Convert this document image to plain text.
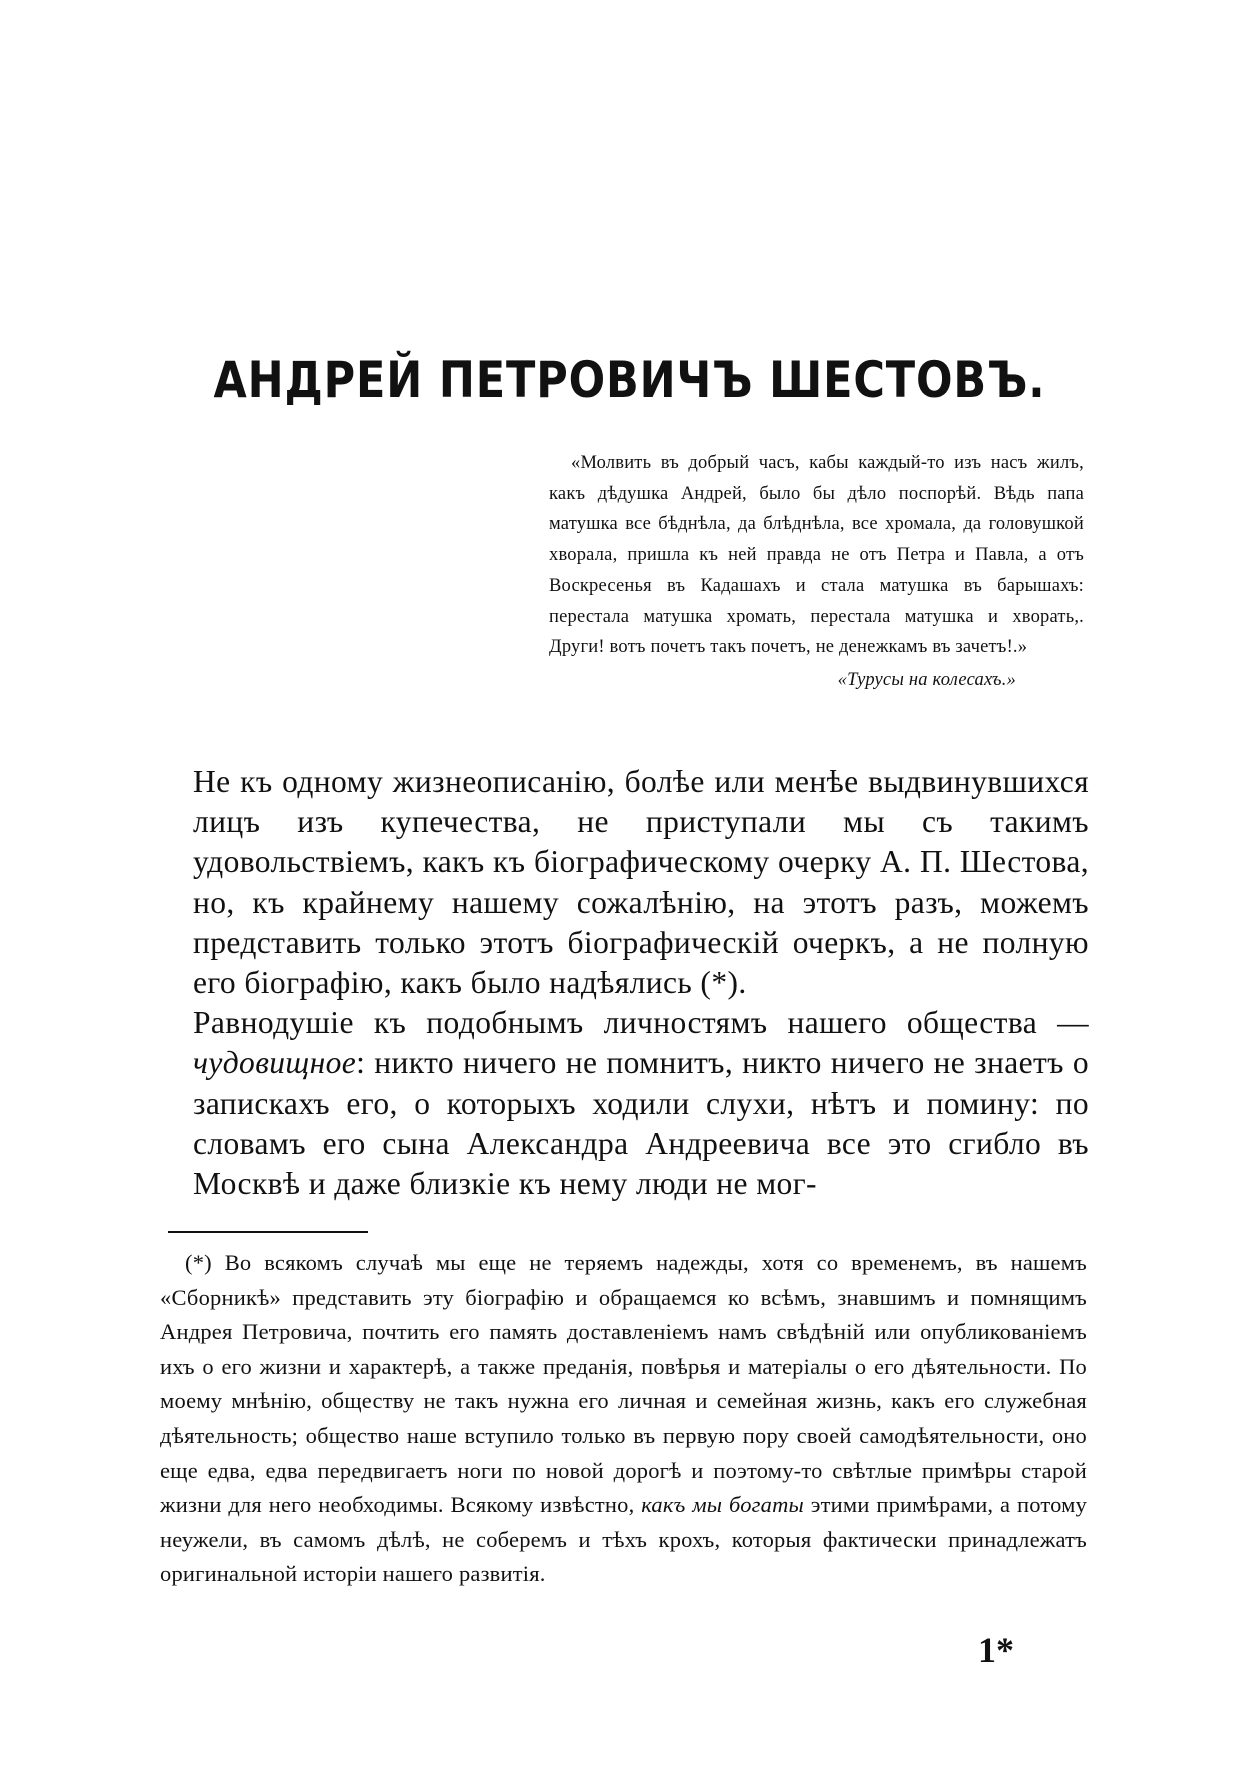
АНДРЕЙ ПЕТРОВИЧЪ ШЕСТОВЪ.

«Молвить въ добрый часъ, кабы каждый-то изъ насъ жилъ, какъ дѣдушка Андрей, было бы дѣло поспорѣй. Вѣдь папа матушка все бѣднѣла, да блѣднѣла, все хромала, да головушкой хворала, пришла къ ней правда не отъ Петра и Павла, а отъ Воскресенья въ Кадашахъ и стала матушка въ барышахъ: перестала матушка хромать, перестала матушка и хворать,. Други! вотъ почетъ такъ почетъ, не денежкамъ въ зачетъ!.»

«Турусы на колесахъ.»

Не къ одному жизнеописанію, болѣе или менѣе выдвинувшихся лицъ изъ купечества, не приступали мы съ такимъ удовольствіемъ, какъ къ біографическому очерку А. П. Шестова, но, къ крайнему нашему сожалѣнію, на этотъ разъ, можемъ представить только этотъ біографическій очеркъ, а не полную его біографію, какъ было надѣялись (*).

Равнодушіе къ подобнымъ личностямъ нашего общества — чудовищное: никто ничего не помнитъ, никто ничего не знаетъ о запискахъ его, о которыхъ ходили слухи, нѣтъ и помину: по словамъ его сына Александра Андреевича все это сгибло въ Москвѣ и даже близкіе къ нему люди не мог-

(*) Во всякомъ случаѣ мы еще не теряемъ надежды, хотя со временемъ, въ нашемъ «Сборникѣ» представить эту біографію и обращаемся ко всѣмъ, знавшимъ и помнящимъ Андрея Петровича, почтить его память доставленіемъ намъ свѣдѣній или опубликованіемъ ихъ о его жизни и характерѣ, а также преданія, повѣрья и матеріалы о его дѣятельности. По моему мнѣнію, обществу не такъ нужна его личная и семейная жизнь, какъ его служебная дѣятельность; общество наше вступило только въ первую пору своей самодѣятельности, оно еще едва, едва передвигаетъ ноги по новой дорогѣ и поэтому-то свѣтлые примѣры старой жизни для него необходимы. Всякому извѣстно, какъ мы богаты этими примѣрами, а потому неужели, въ самомъ дѣлѣ, не соберемъ и тѣхъ крохъ, которыя фактически принадлежатъ оригинальной исторіи нашего развитія.

1*
